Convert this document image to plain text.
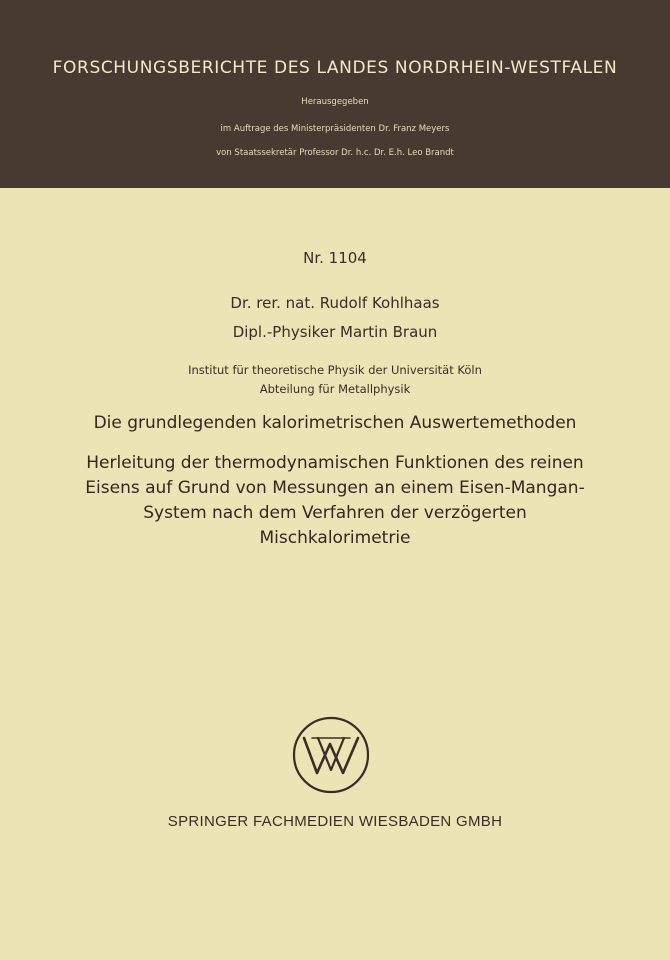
FORSCHUNGSBERICHTE DES LANDES NORDRHEIN-WESTFALEN
Herausgegeben
im Auftrage des Ministerpräsidenten Dr. Franz Meyers
von Staatssekretär Professor Dr. h.c. Dr. E.h. Leo Brandt
Nr. 1104
Dr. rer. nat. Rudolf Kohlhaas
Dipl.-Physiker Martin Braun
Institut für theoretische Physik der Universität Köln
Abteilung für Metallphysik
Die grundlegenden kalorimetrischen Auswertemethoden
Herleitung der thermodynamischen Funktionen des reinen
Eisens auf Grund von Messungen an einem Eisen-Mangan-
System nach dem Verfahren der verzögerten
Mischkalorimetrie
SPRINGER FACHMEDIEN WIESBADEN GMBH
